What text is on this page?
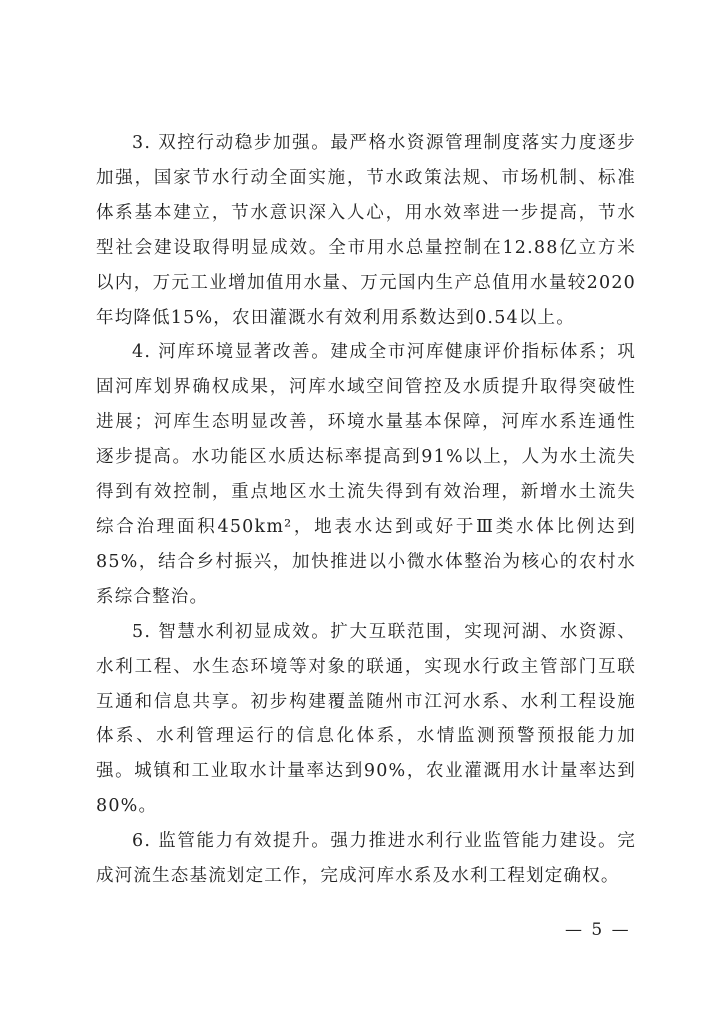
3. 双控行动稳步加强。最严格水资源管理制度落实力度逐步加强，国家节水行动全面实施，节水政策法规、市场机制、标准体系基本建立，节水意识深入人心，用水效率进一步提高，节水型社会建设取得明显成效。全市用水总量控制在12.88亿立方米以内，万元工业增加值用水量、万元国内生产总值用水量较2020年均降低15%，农田灌溉水有效利用系数达到0.54以上。

4. 河库环境显著改善。建成全市河库健康评价指标体系；巩固河库划界确权成果，河库水域空间管控及水质提升取得突破性进展；河库生态明显改善，环境水量基本保障，河库水系连通性逐步提高。水功能区水质达标率提高到91%以上，人为水土流失得到有效控制，重点地区水土流失得到有效治理，新增水土流失综合治理面积450km²，地表水达到或好于Ⅲ类水体比例达到85%，结合乡村振兴，加快推进以小微水体整治为核心的农村水系综合整治。

5. 智慧水利初显成效。扩大互联范围，实现河湖、水资源、水利工程、水生态环境等对象的联通，实现水行政主管部门互联互通和信息共享。初步构建覆盖随州市江河水系、水利工程设施体系、水利管理运行的信息化体系，水情监测预警预报能力加强。城镇和工业取水计量率达到90%，农业灌溉用水计量率达到80%。

6. 监管能力有效提升。强力推进水利行业监管能力建设。完成河流生态基流划定工作，完成河库水系及水利工程划定确权。

— 5 —
